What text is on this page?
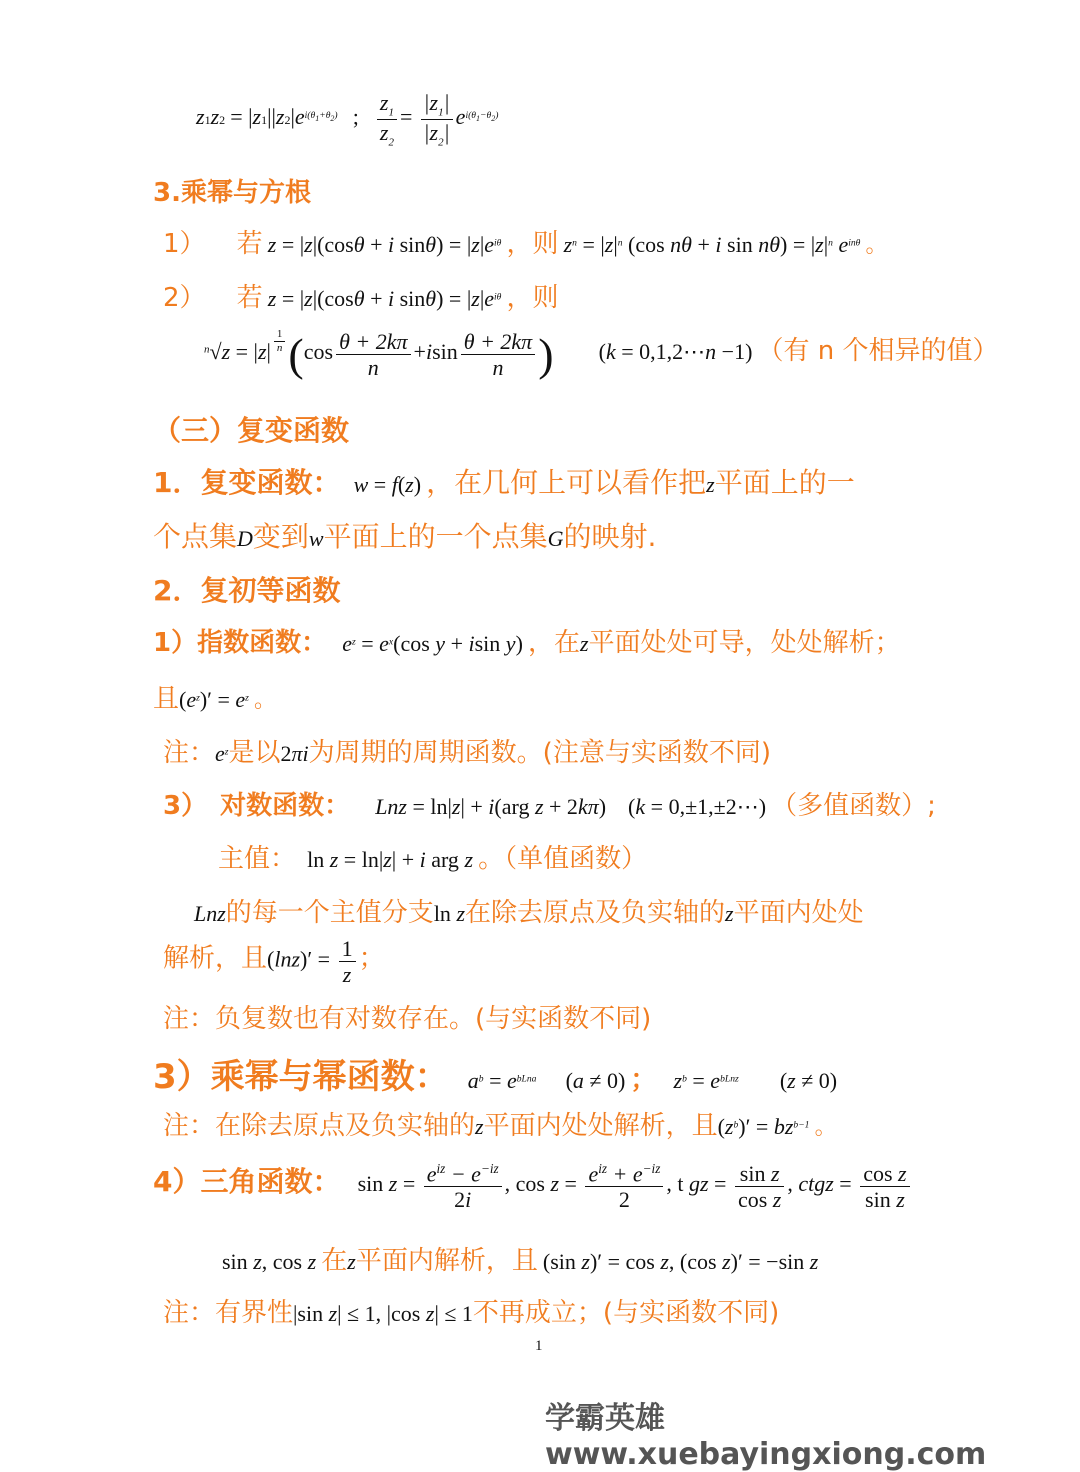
$z1z2 = |z1||z2|e^{i(\theta_1+\theta_2)}$ ; $\frac{z_1}{z_2} = \frac{|z_1|}{|z_2|} e^{i(\theta_1-\theta_2)}$
3.乘幂与方根
1） 若 z = |z|(cosθ + i $\sin\theta) = |z|e^{i\theta}$ ，则 $z^n = |z|^n$ (cos nθ + i $\sin n\theta) = |z|^n$ $e^{in\theta}$ 。
2） 若 z = |z|(cosθ + i $\sin\theta) = |z|e^{i\theta}$ ，则
$^n√z = |z| \frac{1}{n} (\cos \frac{\theta + 2k\pi}{n} +isin \frac{\theta + 2k\pi}{n}$ ) (k = 0,1,2⋯n −1) （有 n 个相异的值）
（三）复变函数
1．复变函数： w = f(z) ，在几何上可以看作把z平面上的一
个点集D变到w平面上的一个点集G的映射.
2．复初等函数
1）指数函数： $e^z = e^x(\cos$ y + isin y) ，在z平面处处可导，处处解析；
且$(e^z)' = e^z$ 。
注：$e^z$是以2πi为周期的周期函数。(注意与实函数不同)
3）　对数函数： Lnz = ln|z| + i(arg z + 2kπ)　(k = 0,±1,±2⋯) （多值函数）;
主值： ln z = ln|z| + i arg z 。（单值函数）
Lnz的每一个主值分支ln z在除去原点及负实轴的z平面内处处
解析，且$(\ln z)' = \frac{1}{z}$ ；
注：负复数也有对数存在。(与实函数不同)
3）乘幂与幂函数： $a^b = e^{bLna}$ (a ≠ 0) ； $z^b = e^{bLnz}$ (z ≠ 0)
注：在除去原点及负实轴的z平面内处处解析，且$(z^b)' = bz^{b-1}$ 。
4）三角函数： $\sin z = \frac{e^{iz} - e^{-iz}}{2i}$ , $\cos z = \frac{e^{iz} + e^{-iz}}{2}$ , t gz = $\frac{\text{sin z}}{\text{cos z}}$ , ctgz = $\frac{\text{cos z}}{\text{sin z}}$
sin z, cos z 在z平面内解析，且 (sin z)′ = cos z, (cos z)′ = −sin z
注：有界性|sin z| ≤ 1, |cos z| ≤ 1不再成立；(与实函数不同)
1
学霸英雄 www.xuebayingxiong.com
